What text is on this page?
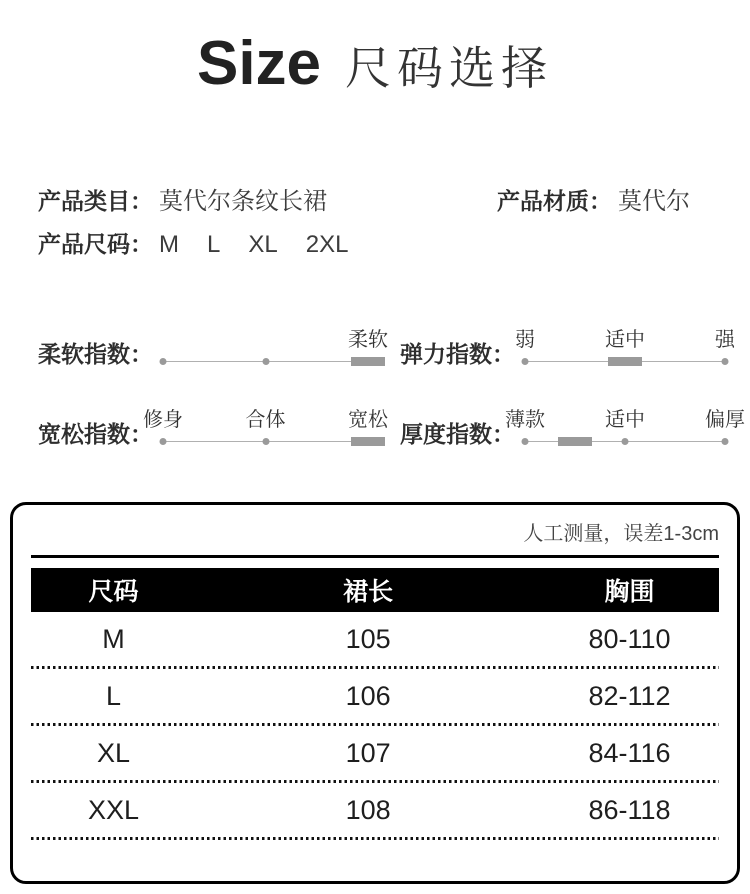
Size 尺码选择
产品类目： 莫代尔条纹长裙	产品材质： 莫代尔
产品尺码： M L XL 2XL
柔软指数：
柔软
弹力指数：
弱	适中	强
宽松指数：
修身	合体	宽松
厚度指数：
薄款	适中	偏厚
人工测量，误差1-3cm
尺码	裙长	胸围
M	105	80-110
L	106	82-112
XL	107	84-116
XXL	108	86-118
